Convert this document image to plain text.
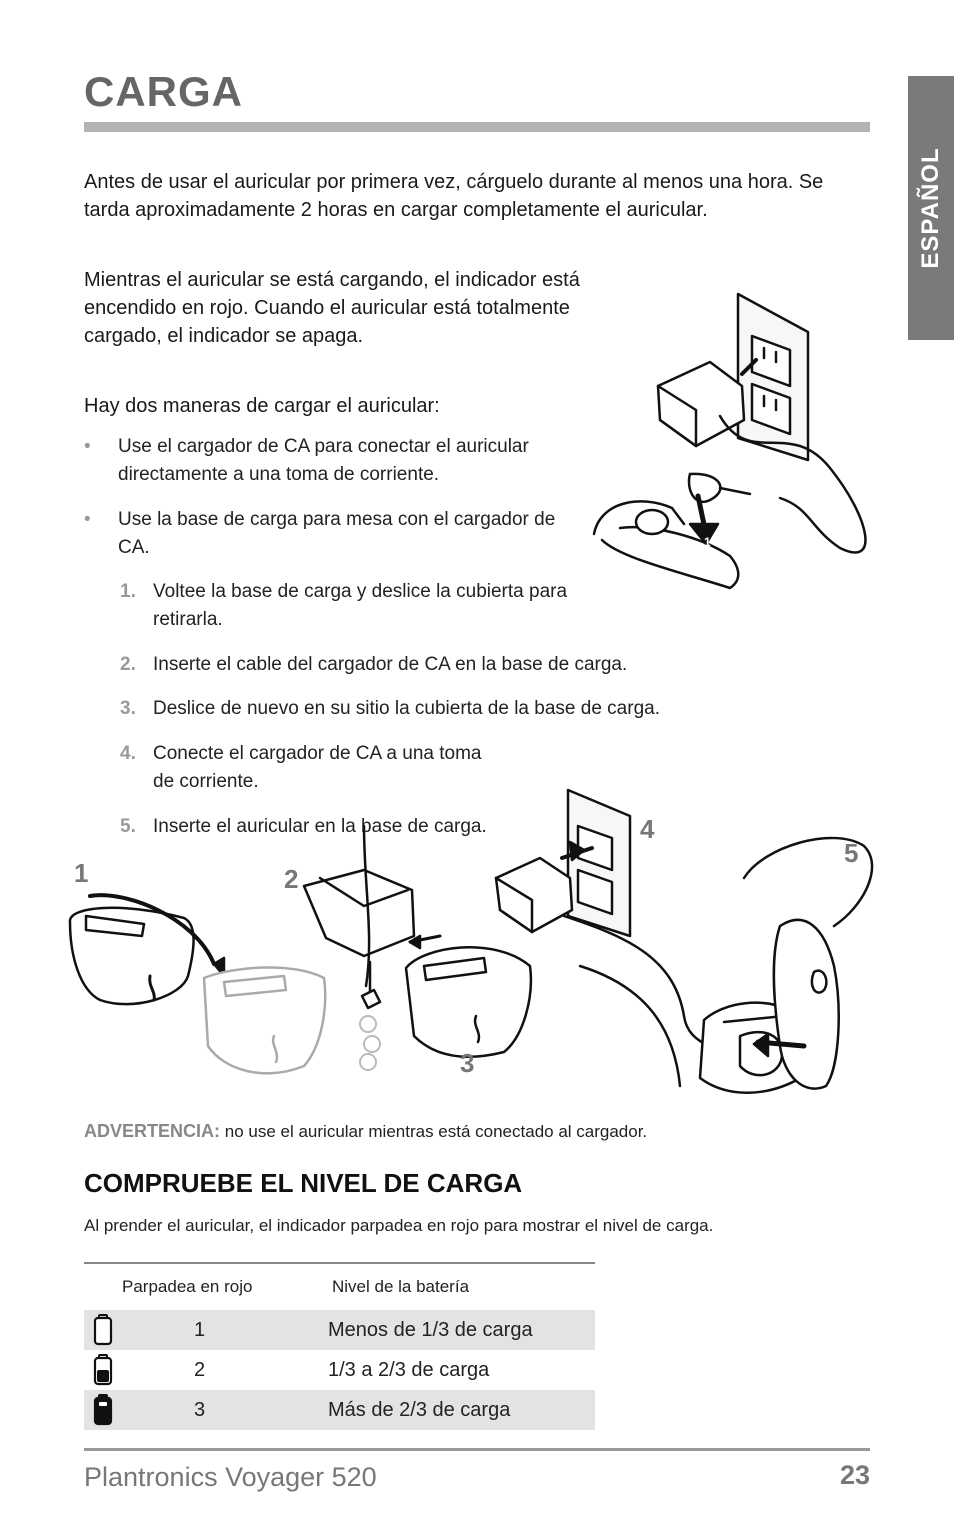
CARGA
ESPAÑOL
Antes de usar el auricular por primera vez, cárguelo durante al menos una hora. Se tarda aproximadamente 2 horas en cargar completamente el auricular.
Mientras el auricular se está cargando, el indicador está encendido en rojo. Cuando el auricular está totalmente cargado, el indicador se apaga.
Hay dos maneras de cargar el auricular:
• Use el cargador de CA para conectar el auricular directamente a una toma de corriente.
• Use la base de carga para mesa con el cargador de CA.
1. Voltee la base de carga y deslice la cubierta para retirarla.
2. Inserte el cable del cargador de CA en la base de carga.
3. Deslice de nuevo en su sitio la cubierta de la base de carga.
4. Conecte el cargador de CA a una toma de corriente.
5. Inserte el auricular en la base de carga.
1
1	2
3
4
5
ADVERTENCIA: no use el auricular mientras está conectado al cargador.
COMPRUEBE EL NIVEL DE CARGA
Al prender el auricular, el indicador parpadea en rojo para mostrar el nivel de carga.
Parpadea en rojo	Nivel de la batería
1	Menos de 1/3 de carga
2	1/3 a 2/3 de carga
3	Más de 2/3 de carga
Plantronics Voyager 520	23
